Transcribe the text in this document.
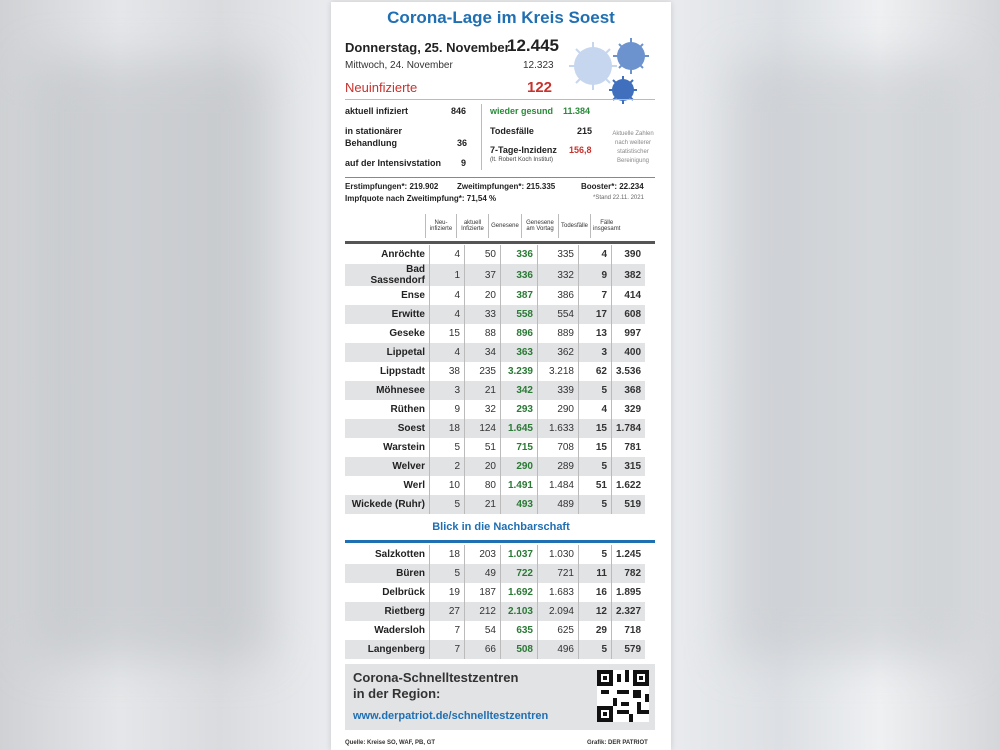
Corona-Lage im Kreis Soest
Donnerstag, 25. November
12.445
Mittwoch, 24. November	12.323
Neuinfizierte	122
aktuell infiziert	846
in stationärer
Behandlung	36
auf der Intensivstation 9
wieder gesund 11.384
Todesfälle	215
7-Tage-Inzidenz 156,8
(lt. Robert Koch Institut)
Aktuelle Zahlen
nach weiterer
statistischer
Bereinigung
Erstimpfungen*: 219.902 Zweitimpfungen*: 215.335	Booster*: 22.234
Impfquote nach Zweitimpfung*: 71,54 %	*Stand 22.11. 2021
	Neu-infizierte	aktuell Infizierte	Genesene	Genesene am Vortag	Todesfälle	Fälle insgesamt
Anröchte	4	50	336	335	4	390
Bad Sassendorf	1	37	336	332	9	382
Ense	4	20	387	386	7	414
Erwitte	4	33	558	554	17	608
Geseke	15	88	896	889	13	997
Lippetal	4	34	363	362	3	400
Lippstadt	38	235	3.239	3.218	62	3.536
Möhnesee	3	21	342	339	5	368
Rüthen	9	32	293	290	4	329
Soest	18	124	1.645	1.633	15	1.784
Warstein	5	51	715	708	15	781
Welver	2	20	290	289	5	315
Werl	10	80	1.491	1.484	51	1.622
Wickede (Ruhr)	5	21	493	489	5	519
Blick in die Nachbarschaft
Salzkotten	18	203	1.037	1.030	5	1.245
Büren	5	49	722	721	11	782
Delbrück	19	187	1.692	1.683	16	1.895
Rietberg	27	212	2.103	2.094	12	2.327
Wadersloh	7	54	635	625	29	718
Langenberg	7	66	508	496	5	579
Corona-Schnelltestzentren
in der Region:
www.derpatriot.de/schnelltestzentren
Quelle: Kreise SO, WAF, PB, GT	Grafik: DER PATRIOT
